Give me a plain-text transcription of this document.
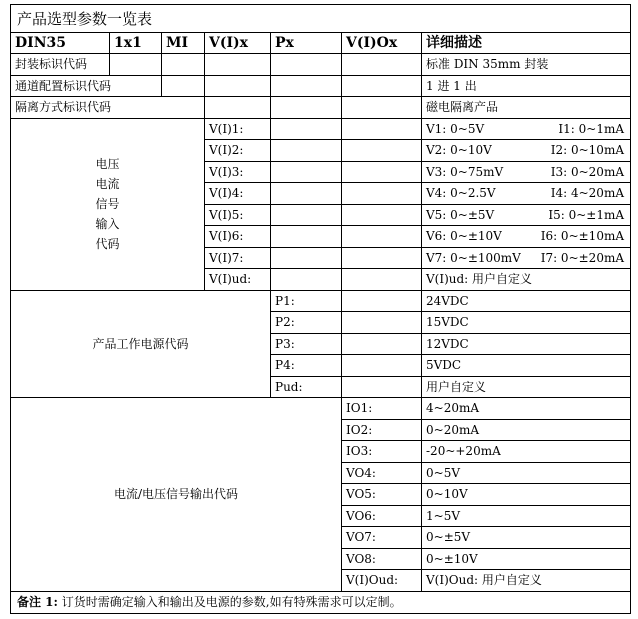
产品选型参数一览表						
DIN35	1x1	MI	V(I)x	Px	V(I)Ox	详细描述
封装标识代码						标准 DIN 35mm 封装
通道配置标识代码						1 进 1 出
隔离方式标识代码						磁电隔离产品

电压
电流
信号
输入
代码			V(I)1:			V1: 0~5V I1: 0~1mA

			V(I)2:			V2: 0~10V I2: 0~10mA

			V(I)3:			V3: 0~75mV I3: 0~20mA

			V(I)4:			V4: 0~2.5V I4: 4~20mA

			V(I)5:			V5: 0~±5V I5: 0~±1mA

			V(I)6:			V6: 0~±10V I6: 0~±10mA

			V(I)7:			V7: 0~±100mV I7: 0~±20mA

			V(I)ud:			V(I)ud: 用户自定义
产品工作电源代码				P1:		24VDC
				P2:		15VDC
				P3:		12VDC
				P4:		5VDC
				Pud:		用户自定义
电流/电压信号输出代码					IO1:	4~20mA
					IO2:	0~20mA
					IO3:	-20~+20mA
					VO4:	0~5V
					VO5:	0~10V
					VO6:	1~5V
					VO7:	0~±5V
					VO8:	0~±10V
					V(I)Oud:	V(I)Oud: 用户自定义
备注 1: 订货时需确定输入和输出及电源的参数,如有特殊需求可以定制。						
